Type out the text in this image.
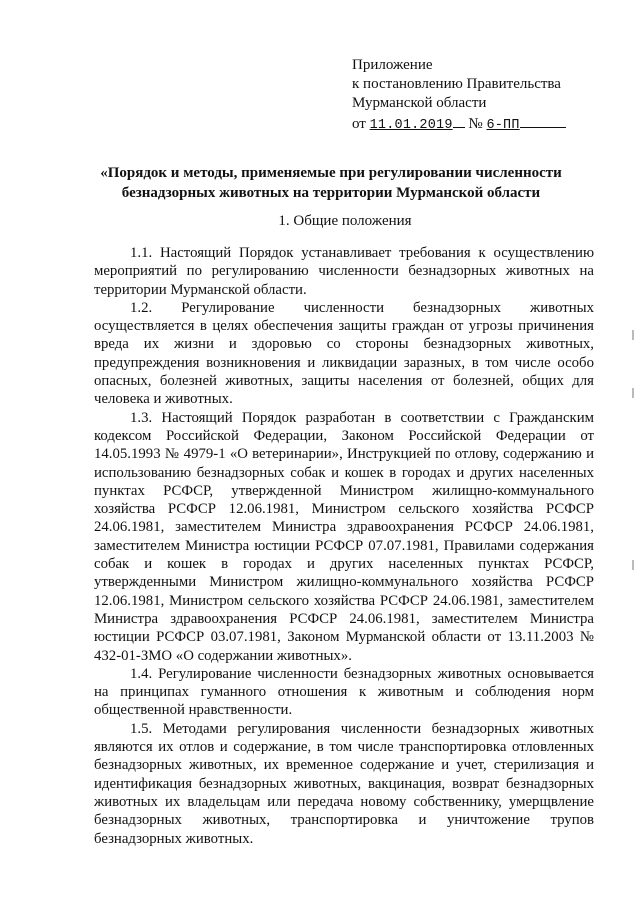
Приложение
к постановлению Правительства
Мурманской области
от 11.01.2019 № 6-ПП
«Порядок и методы, применяемые при регулировании численности
безнадзорных животных на территории Мурманской области
1. Общие положения

1.1. Настоящий Порядок устанавливает требования к осуществлению мероприятий по регулированию численности безнадзорных животных на территории Мурманской области.

1.2. Регулирование численности безнадзорных животных осуществляется в целях обеспечения защиты граждан от угрозы причинения вреда их жизни и здоровью со стороны безнадзорных животных, предупреждения возникновения и ликвидации заразных, в том числе особо опасных, болезней животных, защиты населения от болезней, общих для человека и животных.

1.3. Настоящий Порядок разработан в соответствии с Гражданским кодексом Российской Федерации, Законом Российской Федерации от 14.05.1993 № 4979-1 «О ветеринарии», Инструкцией по отлову, содержанию и использованию безнадзорных собак и кошек в городах и других населенных пунктах РСФСР, утвержденной Министром жилищно-коммунального хозяйства РСФСР 12.06.1981, Министром сельского хозяйства РСФСР 24.06.1981, заместителем Министра здравоохранения РСФСР 24.06.1981, заместителем Министра юстиции РСФСР 07.07.1981, Правилами содержания собак и кошек в городах и других населенных пунктах РСФСР, утвержденными Министром жилищно-коммунального хозяйства РСФСР 12.06.1981, Министром сельского хозяйства РСФСР 24.06.1981, заместителем Министра здравоохранения РСФСР 24.06.1981, заместителем Министра юстиции РСФСР 03.07.1981, Законом Мурманской области от 13.11.2003 № 432-01-ЗМО «О содержании животных».

1.4. Регулирование численности безнадзорных животных основывается на принципах гуманного отношения к животным и соблюдения норм общественной нравственности.

1.5. Методами регулирования численности безнадзорных животных являются их отлов и содержание, в том числе транспортировка отловленных безнадзорных животных, их временное содержание и учет, стерилизация и идентификация безнадзорных животных, вакцинация, возврат безнадзорных животных их владельцам или передача новому собственнику, умерщвление безнадзорных животных, транспортировка и уничтожение трупов безнадзорных животных.
